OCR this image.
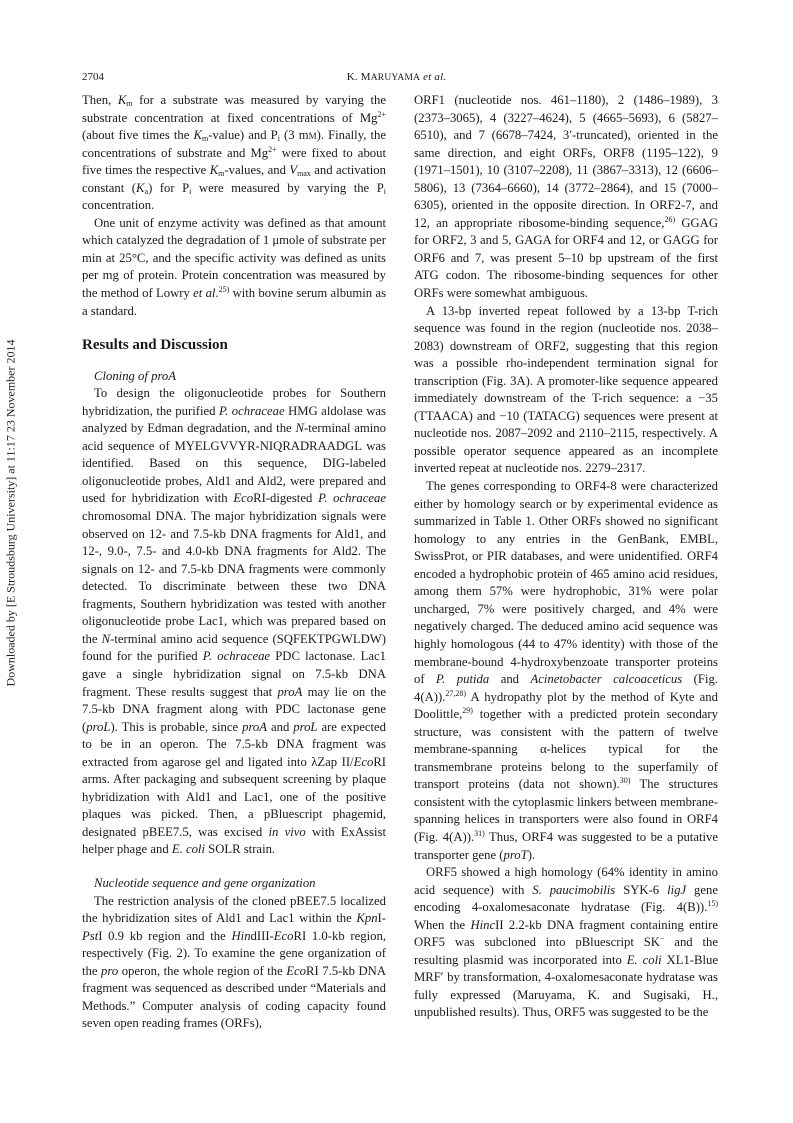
2704	K. MARUYAMA et al.
Downloaded by [E Stroudsburg University] at 11:17 23 November 2014

Then, $K_m$ for a substrate was measured by varying the substrate concentration at fixed concentrations of $Mg^{2+}$ (about five times the $K_m-value$) and $P_i$ (3 mm). Finally, the concentrations of substrate and $Mg^{2+}$ were fixed to about five times the respective $K_m$-values, and $V_{max}$ and activation constant $(K_a)$ for $P_i$ were measured by varying the $P_i$ concentration.

One unit of enzyme activity was defined as that amount which catalyzed the degradation of 1 μmole of substrate per min at 25°C, and the specific activity was defined as units per mg of protein. Protein concentration was measured by the method of Lowry et al.$^{25)}$ with bovine serum albumin as a standard.

Results and Discussion

Cloning of proA

To design the oligonucleotide probes for Southern hybridization, the purified P. ochraceae HMG aldolase was analyzed by Edman degradation, and the N-terminal amino acid sequence of MYELGVVYR-NIQRADRAADGL was identified. Based on this sequence, DIG-labeled oligonucleotide probes, Ald1 and Ald2, were prepared and used for hybridization with EcoRI-digested P. ochraceae chromosomal DNA. The major hybridization signals were observed on 12- and 7.5-kb DNA fragments for Ald1, and 12-, 9.0-, 7.5- and 4.0-kb DNA fragments for Ald2. The signals on 12- and 7.5-kb DNA fragments were commonly detected. To discriminate between these two DNA fragments, Southern hybridization was tested with another oligonucleotide probe Lac1, which was prepared based on the N-terminal amino acid sequence (SQFEKTPGWLDW) found for the purified P. ochraceae PDC lactonase. Lac1 gave a single hybridization signal on 7.5-kb DNA fragment. These results suggest that proA may lie on the 7.5-kb DNA fragment along with PDC lactonase gene (proL). This is probable, since proA and proL are expected to be in an operon. The 7.5-kb DNA fragment was extracted from agarose gel and ligated into λZap II/EcoRI arms. After packaging and subsequent screening by plaque hybridization with Ald1 and Lac1, one of the positive plaques was picked. Then, a pBluescript phagemid, designated pBEE7.5, was excised in vivo with ExAssist helper phage and E. coli SOLR strain.

Nucleotide sequence and gene organization

The restriction analysis of the cloned pBEE7.5 localized the hybridization sites of Ald1 and Lac1 within the KpnI-PstI 0.9 kb region and the HindIII-EcoRI 1.0-kb region, respectively (Fig. 2). To examine the gene organization of the pro operon, the whole region of the EcoRI 7.5-kb DNA fragment was sequenced as described under “Materials and Methods.” Computer analysis of coding capacity found seven open reading frames (ORFs),

ORF1 (nucleotide nos. 461–1180), 2 (1486–1989), 3 (2373–3065), 4 (3227–4624), 5 (4665–5693), 6 (5827–6510), and 7 (6678–7424, 3′-truncated), oriented in the same direction, and eight ORFs, ORF8 (1195–122), 9 (1971–1501), 10 (3107–2208), 11 (3867–3313), 12 (6606–5806), 13 (7364–6660), 14 (3772–2864), and 15 (7000–6305), oriented in the opposite direction. In ORF2-7, and 12, an appropriate ribosome-binding sequence,$^{26)}$ GGAG for ORF2, 3 and 5, GAGA for ORF4 and 12, or GAGG for ORF6 and 7, was present 5–10 bp upstream of the first ATG codon. The ribosome-binding sequences for other ORFs were somewhat ambiguous.

A 13-bp inverted repeat followed by a 13-bp T-rich sequence was found in the region (nucleotide nos. 2038–2083) downstream of ORF2, suggesting that this region was a possible rho-independent termination signal for transcription (Fig. 3A). A promoter-like sequence appeared immediately downstream of the T-rich sequence: a −35 (TTAACA) and −10 (TATACG) sequences were present at nucleotide nos. 2087–2092 and 2110–2115, respectively. A possible operator sequence appeared as an incomplete inverted repeat at nucleotide nos. 2279–2317.

The genes corresponding to ORF4-8 were characterized either by homology search or by experimental evidence as summarized in Table 1. Other ORFs showed no significant homology to any entries in the GenBank, EMBL, SwissProt, or PIR databases, and were unidentified. ORF4 encoded a hydrophobic protein of 465 amino acid residues, among them 57% were hydrophobic, 31% were polar uncharged, 7% were positively charged, and 4% were negatively charged. The deduced amino acid sequence was highly homologous (44 to 47% identity) with those of the membrane-bound 4-hydroxybenzoate transporter proteins of P. putida and Acinetobacter calcoaceticus (Fig. 4(A)).$^{27,28)}$ A hydropathy plot by the method of Kyte and Doolittle,$^{29)}$ together with a predicted protein secondary structure, was consistent with the pattern of twelve membrane-spanning α-helices typical for the transmembrane proteins belong to the superfamily of transport proteins (data not shown).$^{30)}$ The structures consistent with the cytoplasmic linkers between membrane-spanning helices in transporters were also found in ORF4 (Fig. 4(A)).$^{31)}$ Thus, ORF4 was suggested to be a putative transporter gene (proT).

ORF5 showed a high homology (64% identity in amino acid sequence) with S. paucimobilis SYK-6 ligJ gene encoding 4-oxalomesaconate hydratase (Fig. 4(B)).$^{15)}$ When the HincII 2.2-kb DNA fragment containing entire ORF5 was subcloned into pBluescript SK− and the resulting plasmid was incorporated into E. coli XL1-Blue MRF′ by transformation, 4-oxalomesaconate hydratase was fully expressed (Maruyama, K. and Sugisaki, H., unpublished results). Thus, ORF5 was suggested to be the
